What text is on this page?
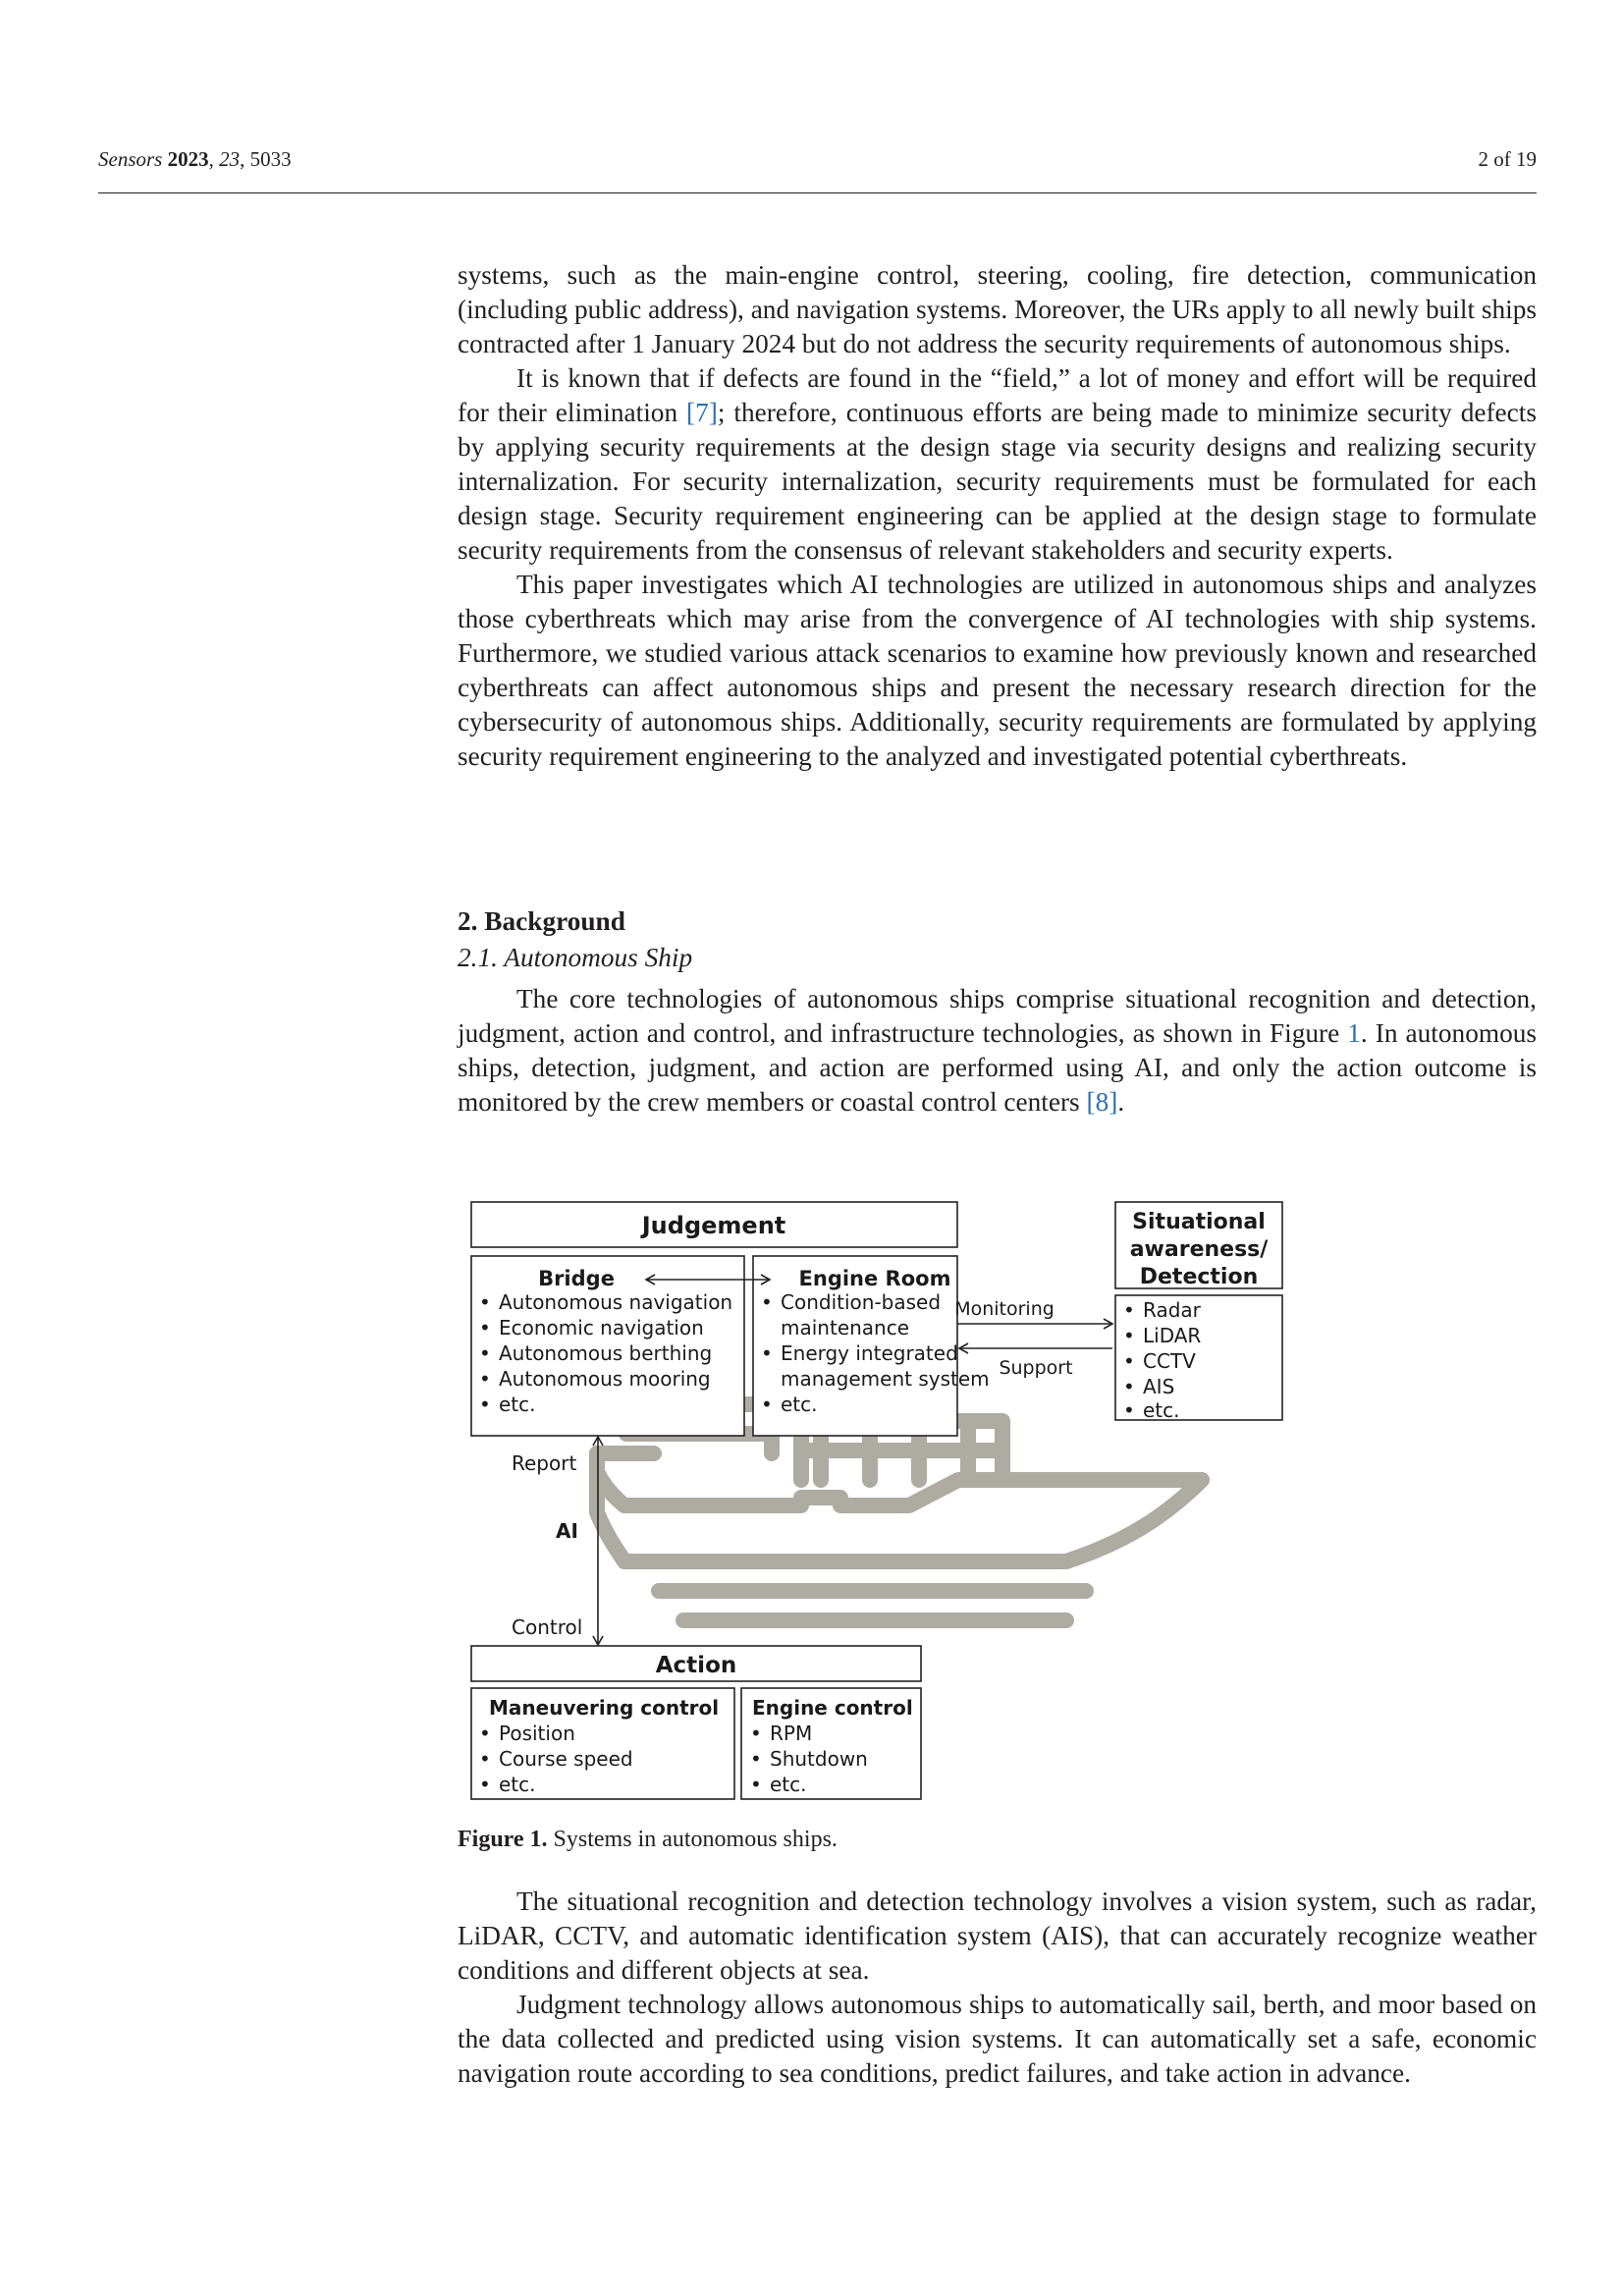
Sensors 2023, 23, 5033	2 of 19

systems, such as the main-engine control, steering, cooling, fire detection, communication (including public address), and navigation systems. Moreover, the URs apply to all newly built ships contracted after 1 January 2024 but do not address the security requirements of autonomous ships.

It is known that if defects are found in the “field,” a lot of money and effort will be required for their elimination [7]; therefore, continuous efforts are being made to minimize security defects by applying security requirements at the design stage via security designs and realizing security internalization. For security internalization, security requirements must be formulated for each design stage. Security requirement engineering can be applied at the design stage to formulate security requirements from the consensus of relevant stakeholders and security experts.

This paper investigates which AI technologies are utilized in autonomous ships and analyzes those cyberthreats which may arise from the convergence of AI technologies with ship systems. Furthermore, we studied various attack scenarios to examine how previously known and researched cyberthreats can affect autonomous ships and present the necessary research direction for the cybersecurity of autonomous ships. Additionally, security requirements are formulated by applying security requirement engineering to the analyzed and investigated potential cyberthreats.

2. Background

2.1. Autonomous Ship

The core technologies of autonomous ships comprise situational recognition and detection, judgment, action and control, and infrastructure technologies, as shown in Figure 1. In autonomous ships, detection, judgment, and action are performed using AI, and only the action outcome is monitored by the crew members or coastal control centers [8].

Judgement
Bridge
• Autonomous navigation
• Economic navigation
• Autonomous berthing
• Autonomous mooring
• etc.
Engine Room
• Condition-based
maintenance
• Energy integrated
management system
• etc.
Monitoring
Support
Situational
awareness/
Detection
• Radar
• LiDAR
• CCTV
• AIS
• etc.
Report
AI
Control
Action
Maneuvering control
• Position
• Course speed
• etc.
Engine control
• RPM
• Shutdown
• etc.
Figure 1. Systems in autonomous ships.

The situational recognition and detection technology involves a vision system, such as radar, LiDAR, CCTV, and automatic identification system (AIS), that can accurately recognize weather conditions and different objects at sea.

Judgment technology allows autonomous ships to automatically sail, berth, and moor based on the data collected and predicted using vision systems. It can automatically set a safe, economic navigation route according to sea conditions, predict failures, and take action in advance.
